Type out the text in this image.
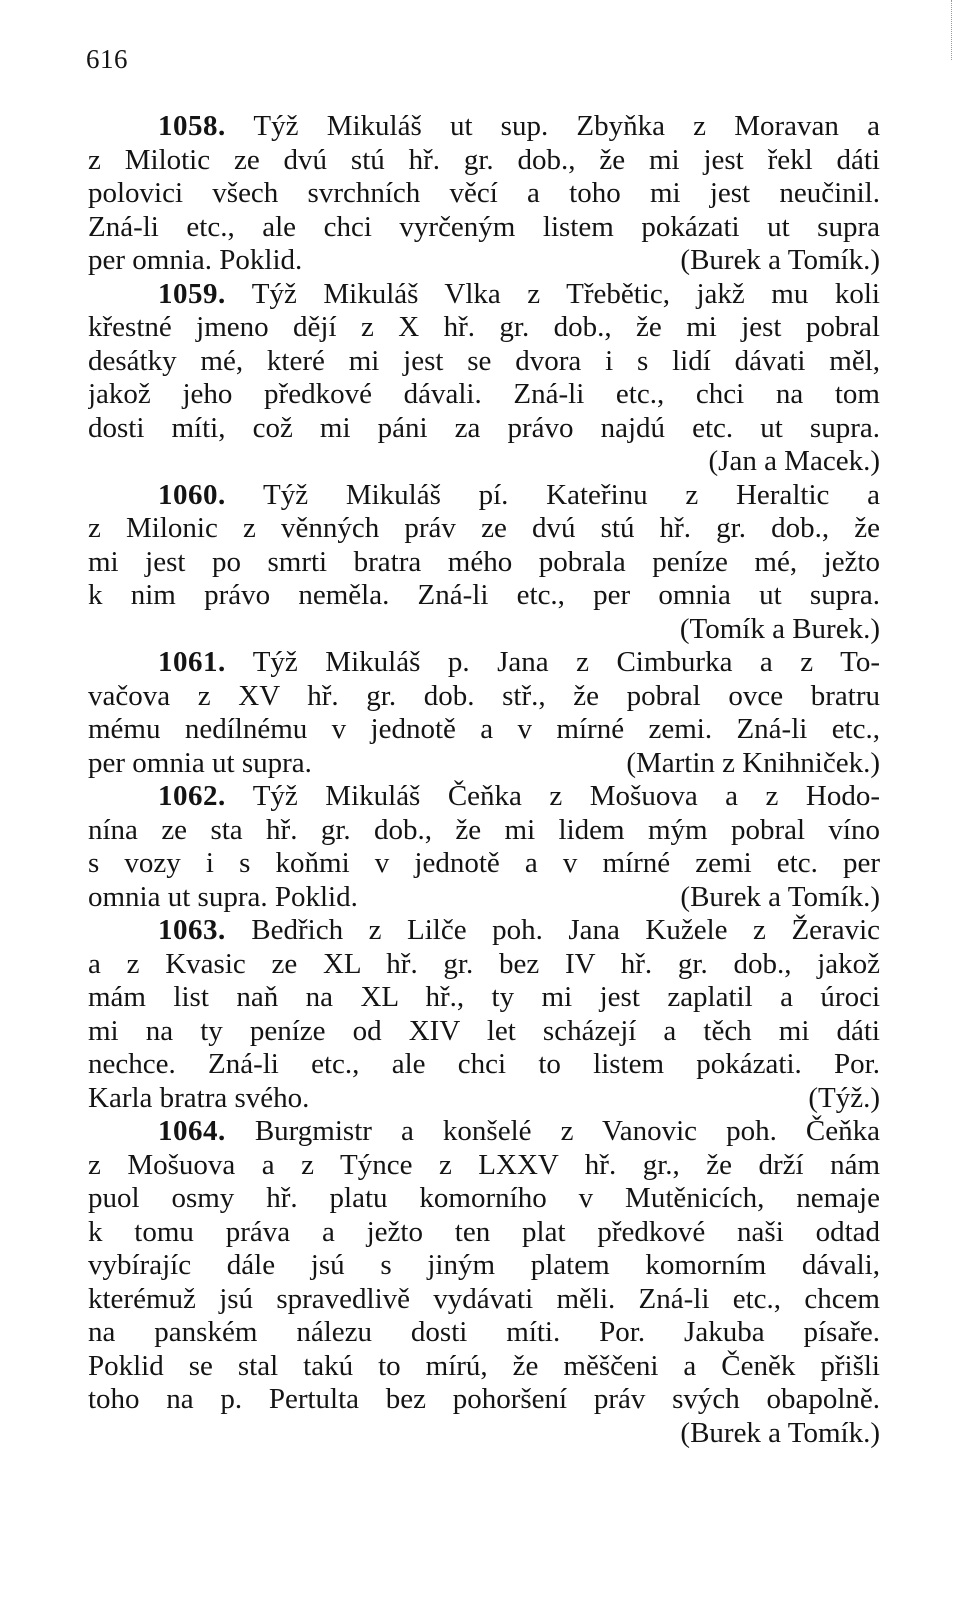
616
1058. Týž Mikuláš ut sup. Zbyňka z Moravan a
z Milotic ze dvú stú hř. gr. dob., že mi jest řekl dáti
polovici všech svrchních věcí a toho mi jest neučinil.
Zná-li etc., ale chci vyrčeným listem pokázati ut supra
per omnia. Poklid.	(Burek a Tomík.)
1059. Týž Mikuláš Vlka z Třebětic, jakž mu koli
křestné jmeno dějí z X hř. gr. dob., že mi jest pobral
desátky mé, které mi jest se dvora i s lidí dávati měl,
jakož jeho předkové dávali. Zná-li etc., chci na tom
dosti míti, což mi páni za právo najdú etc. ut supra.
(Jan a Macek.)
1060. Týž Mikuláš pí. Kateřinu z Heraltic a
z Milonic z věnných práv ze dvú stú hř. gr. dob., že
mi jest po smrti bratra mého pobrala peníze mé, ježto
k nim právo neměla. Zná-li etc., per omnia ut supra.
(Tomík a Burek.)
1061. Týž Mikuláš p. Jana z Cimburka a z To-
vačova z XV hř. gr. dob. stř., že pobral ovce bratru
mému nedílnému v jednotě a v mírné zemi. Zná-li etc.,
per omnia ut supra.	(Martin z Knihniček.)
1062. Týž Mikuláš Čeňka z Mošuova a z Hodo-
nína ze sta hř. gr. dob., že mi lidem mým pobral víno
s vozy i s koňmi v jednotě a v mírné zemi etc. per
omnia ut supra. Poklid.	(Burek a Tomík.)
1063. Bedřich z Lilče poh. Jana Kužele z Žeravic
a z Kvasic ze XL hř. gr. bez IV hř. gr. dob., jakož
mám list naň na XL hř., ty mi jest zaplatil a úroci
mi na ty peníze od XIV let scházejí a těch mi dáti
nechce. Zná-li etc., ale chci to listem pokázati. Por.
Karla bratra svého.	(Týž.)
1064. Burgmistr a konšelé z Vanovic poh. Čeňka
z Mošuova a z Týnce z LXXV hř. gr., že drží nám
puol osmy hř. platu komorního v Mutěnicích, nemaje
k tomu práva a ježto ten plat předkové naši odtad
vybírajíc dále jsú s jiným platem komorním dávali,
kterémuž jsú spravedlivě vydávati měli. Zná-li etc., chcem
na panském nálezu dosti míti. Por. Jakuba písaře.
Poklid se stal takú to mírú, že měščeni a Čeněk přišli
toho na p. Pertulta bez pohoršení práv svých obapolně.
(Burek a Tomík.)
